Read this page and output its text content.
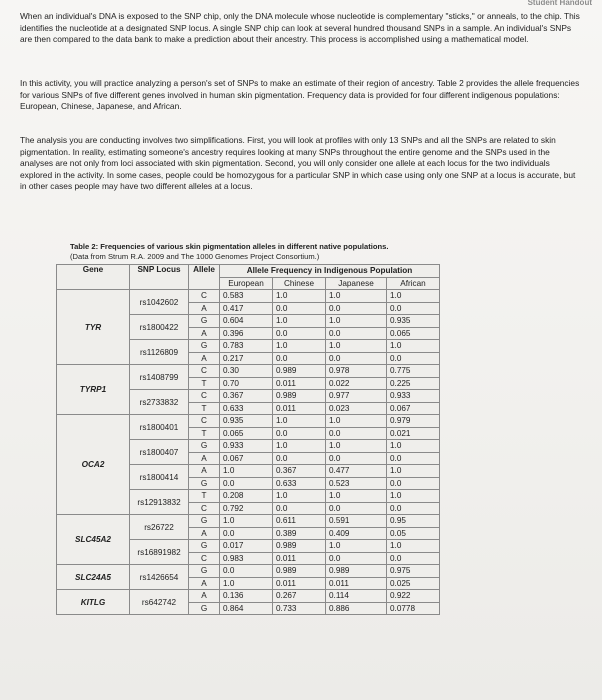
Student Handout

When an individual's DNA is exposed to the SNP chip, only the DNA molecule whose nucleotide is complementary "sticks," or anneals, to the chip. This identifies the nucleotide at a designated SNP locus. A single SNP chip can look at several hundred thousand SNPs in a sample. An individual's SNPs are then compared to the data bank to make a prediction about their ancestry. This process is accomplished using a mathematical model.

In this activity, you will practice analyzing a person's set of SNPs to make an estimate of their region of ancestry. Table 2 provides the allele frequencies for various SNPs of five different genes involved in human skin pigmentation. Frequency data is provided for four different indigenous populations: European, Chinese, Japanese, and African.

The analysis you are conducting involves two simplifications. First, you will look at profiles with only 13 SNPs and all the SNPs are related to skin pigmentation. In reality, estimating someone's ancestry requires looking at many SNPs throughout the entire genome and the SNPs used in the analyses are not only from loci associated with skin pigmentation. Second, you will only consider one allele at each locus for the two individuals explored in the activity. In some cases, people could be homozygous for a particular SNP in which case using only one SNP at a locus is accurate, but in other cases people may have two different alleles at a locus.

Table 2: Frequencies of various skin pigmentation alleles in different native populations.
(Data from Strum R.A. 2009 and The 1000 Genomes Project Consortium.)

Gene	SNP Locus	Allele	Allele Frequency in Indigenous Population			
			European	Chinese	Japanese	African
TYR	rs1042602	C	0.583	1.0	1.0	1.0
		A	0.417	0.0	0.0	0.0
	rs1800422	G	0.604	1.0	1.0	0.935
		A	0.396	0.0	0.0	0.065
	rs1126809	G	0.783	1.0	1.0	1.0
		A	0.217	0.0	0.0	0.0
TYRP1	rs1408799	C	0.30	0.989	0.978	0.775
		T	0.70	0.011	0.022	0.225
	rs2733832	C	0.367	0.989	0.977	0.933
		T	0.633	0.011	0.023	0.067
OCA2	rs1800401	C	0.935	1.0	1.0	0.979
		T	0.065	0.0	0.0	0.021
	rs1800407	G	0.933	1.0	1.0	1.0
		A	0.067	0.0	0.0	0.0
	rs1800414	A	1.0	0.367	0.477	1.0
		G	0.0	0.633	0.523	0.0
	rs12913832	T	0.208	1.0	1.0	1.0
		C	0.792	0.0	0.0	0.0
SLC45A2	rs26722	G	1.0	0.611	0.591	0.95
		A	0.0	0.389	0.409	0.05
	rs16891982	G	0.017	0.989	1.0	1.0
		C	0.983	0.011	0.0	0.0
SLC24A5	rs1426654	G	0.0	0.989	0.989	0.975
		A	1.0	0.011	0.011	0.025
KITLG	rs642742	A	0.136	0.267	0.114	0.922
		G	0.864	0.733	0.886	0.0778
